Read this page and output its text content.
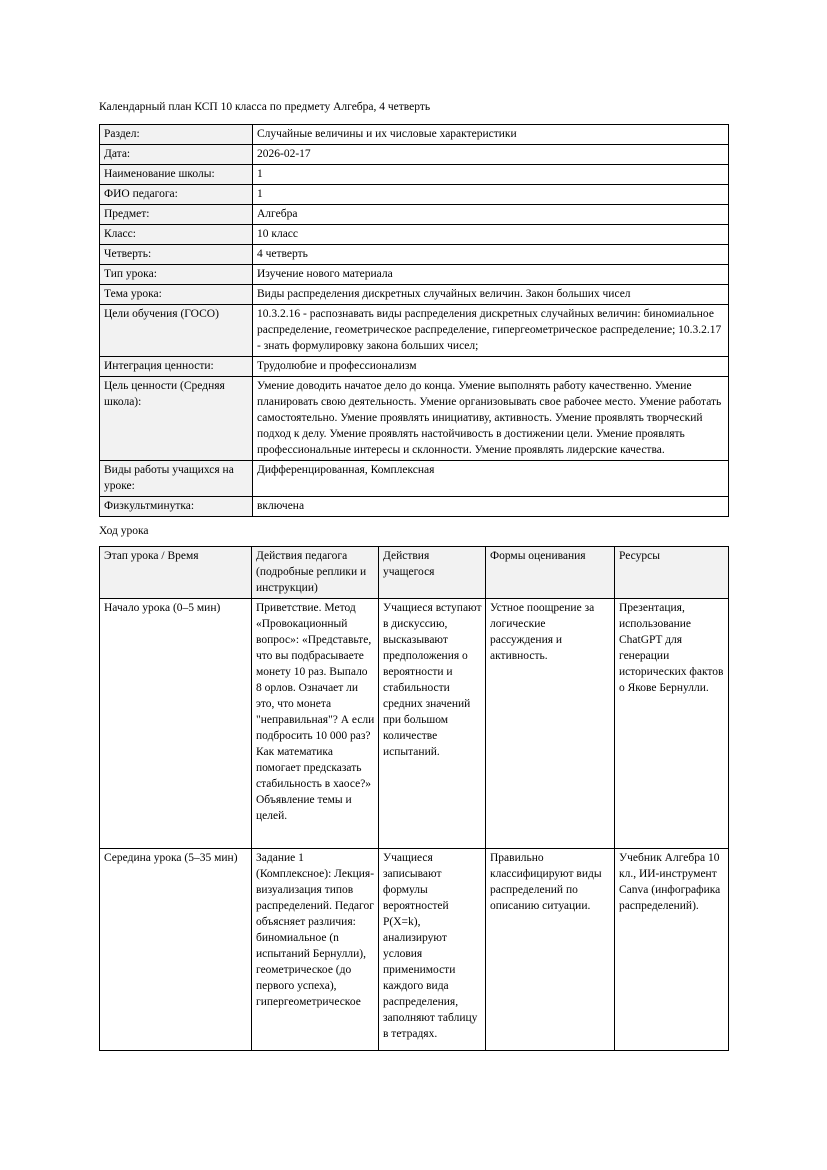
Календарный план КСП 10 класса по предмету Алгебра, 4 четверть

Раздел:	Случайные величины и их числовые характеристики
Дата:	2026-02-17
Наименование школы:	1
ФИО педагога:	1
Предмет:	Алгебра
Класс:	10 класс
Четверть:	4 четверть
Тип урока:	Изучение нового материала
Тема урока:	Виды распределения дискретных случайных величин. Закон больших чисел
Цели обучения (ГОСО)	10.3.2.16 - распознавать виды распределения дискретных случайных величин: биномиальное распределение, геометрическое распределение, гипергеометрическое распределение; 10.3.2.17 - знать формулировку закона больших чисел;
Интеграция ценности:	Трудолюбие и профессионализм
Цель ценности (Средняя школа):	Умение доводить начатое дело до конца. Умение выполнять работу качественно. Умение планировать свою деятельность. Умение организовывать свое рабочее место. Умение работать самостоятельно. Умение проявлять инициативу, активность. Умение проявлять творческий подход к делу. Умение проявлять настойчивость в достижении цели. Умение проявлять профессиональные интересы и склонности. Умение проявлять лидерские качества.
Виды работы учащихся на уроке:	Дифференцированная, Комплексная
Физкультминутка:	включена

Ход урока

Этап урока / Время	Действия педагога (подробные реплики и инструкции)	Действия учащегося	Формы оценивания	Ресурсы
Начало урока (0–5 мин)	Приветствие. Метод «Провокационный вопрос»: «Представьте, что вы подбрасываете монету 10 раз. Выпало 8 орлов. Означает ли это, что монета "неправильная"? А если подбросить 10 000 раз? Как математика помогает предсказать стабильность в хаосе?» Объявление темы и целей.	Учащиеся вступают в дискуссию, высказывают предположения о вероятности и стабильности средних значений при большом количестве испытаний.	Устное поощрение за логические рассуждения и активность.	Презентация, использование ChatGPT для генерации исторических фактов о Якове Бернулли.
Середина урока (5–35 мин)	Задание 1 (Комплексное): Лекция-визуализация типов распределений. Педагог объясняет различия: биномиальное (n испытаний Бернулли), геометрическое (до первого успеха), гипергеометрическое	Учащиеся записывают формулы вероятностей P(X=k), анализируют условия применимости каждого вида распределения, заполняют таблицу в тетрадях.	Правильно классифицируют виды распределений по описанию ситуации.	Учебник Алгебра 10 кл., ИИ-инструмент Canva (инфографика распределений).
